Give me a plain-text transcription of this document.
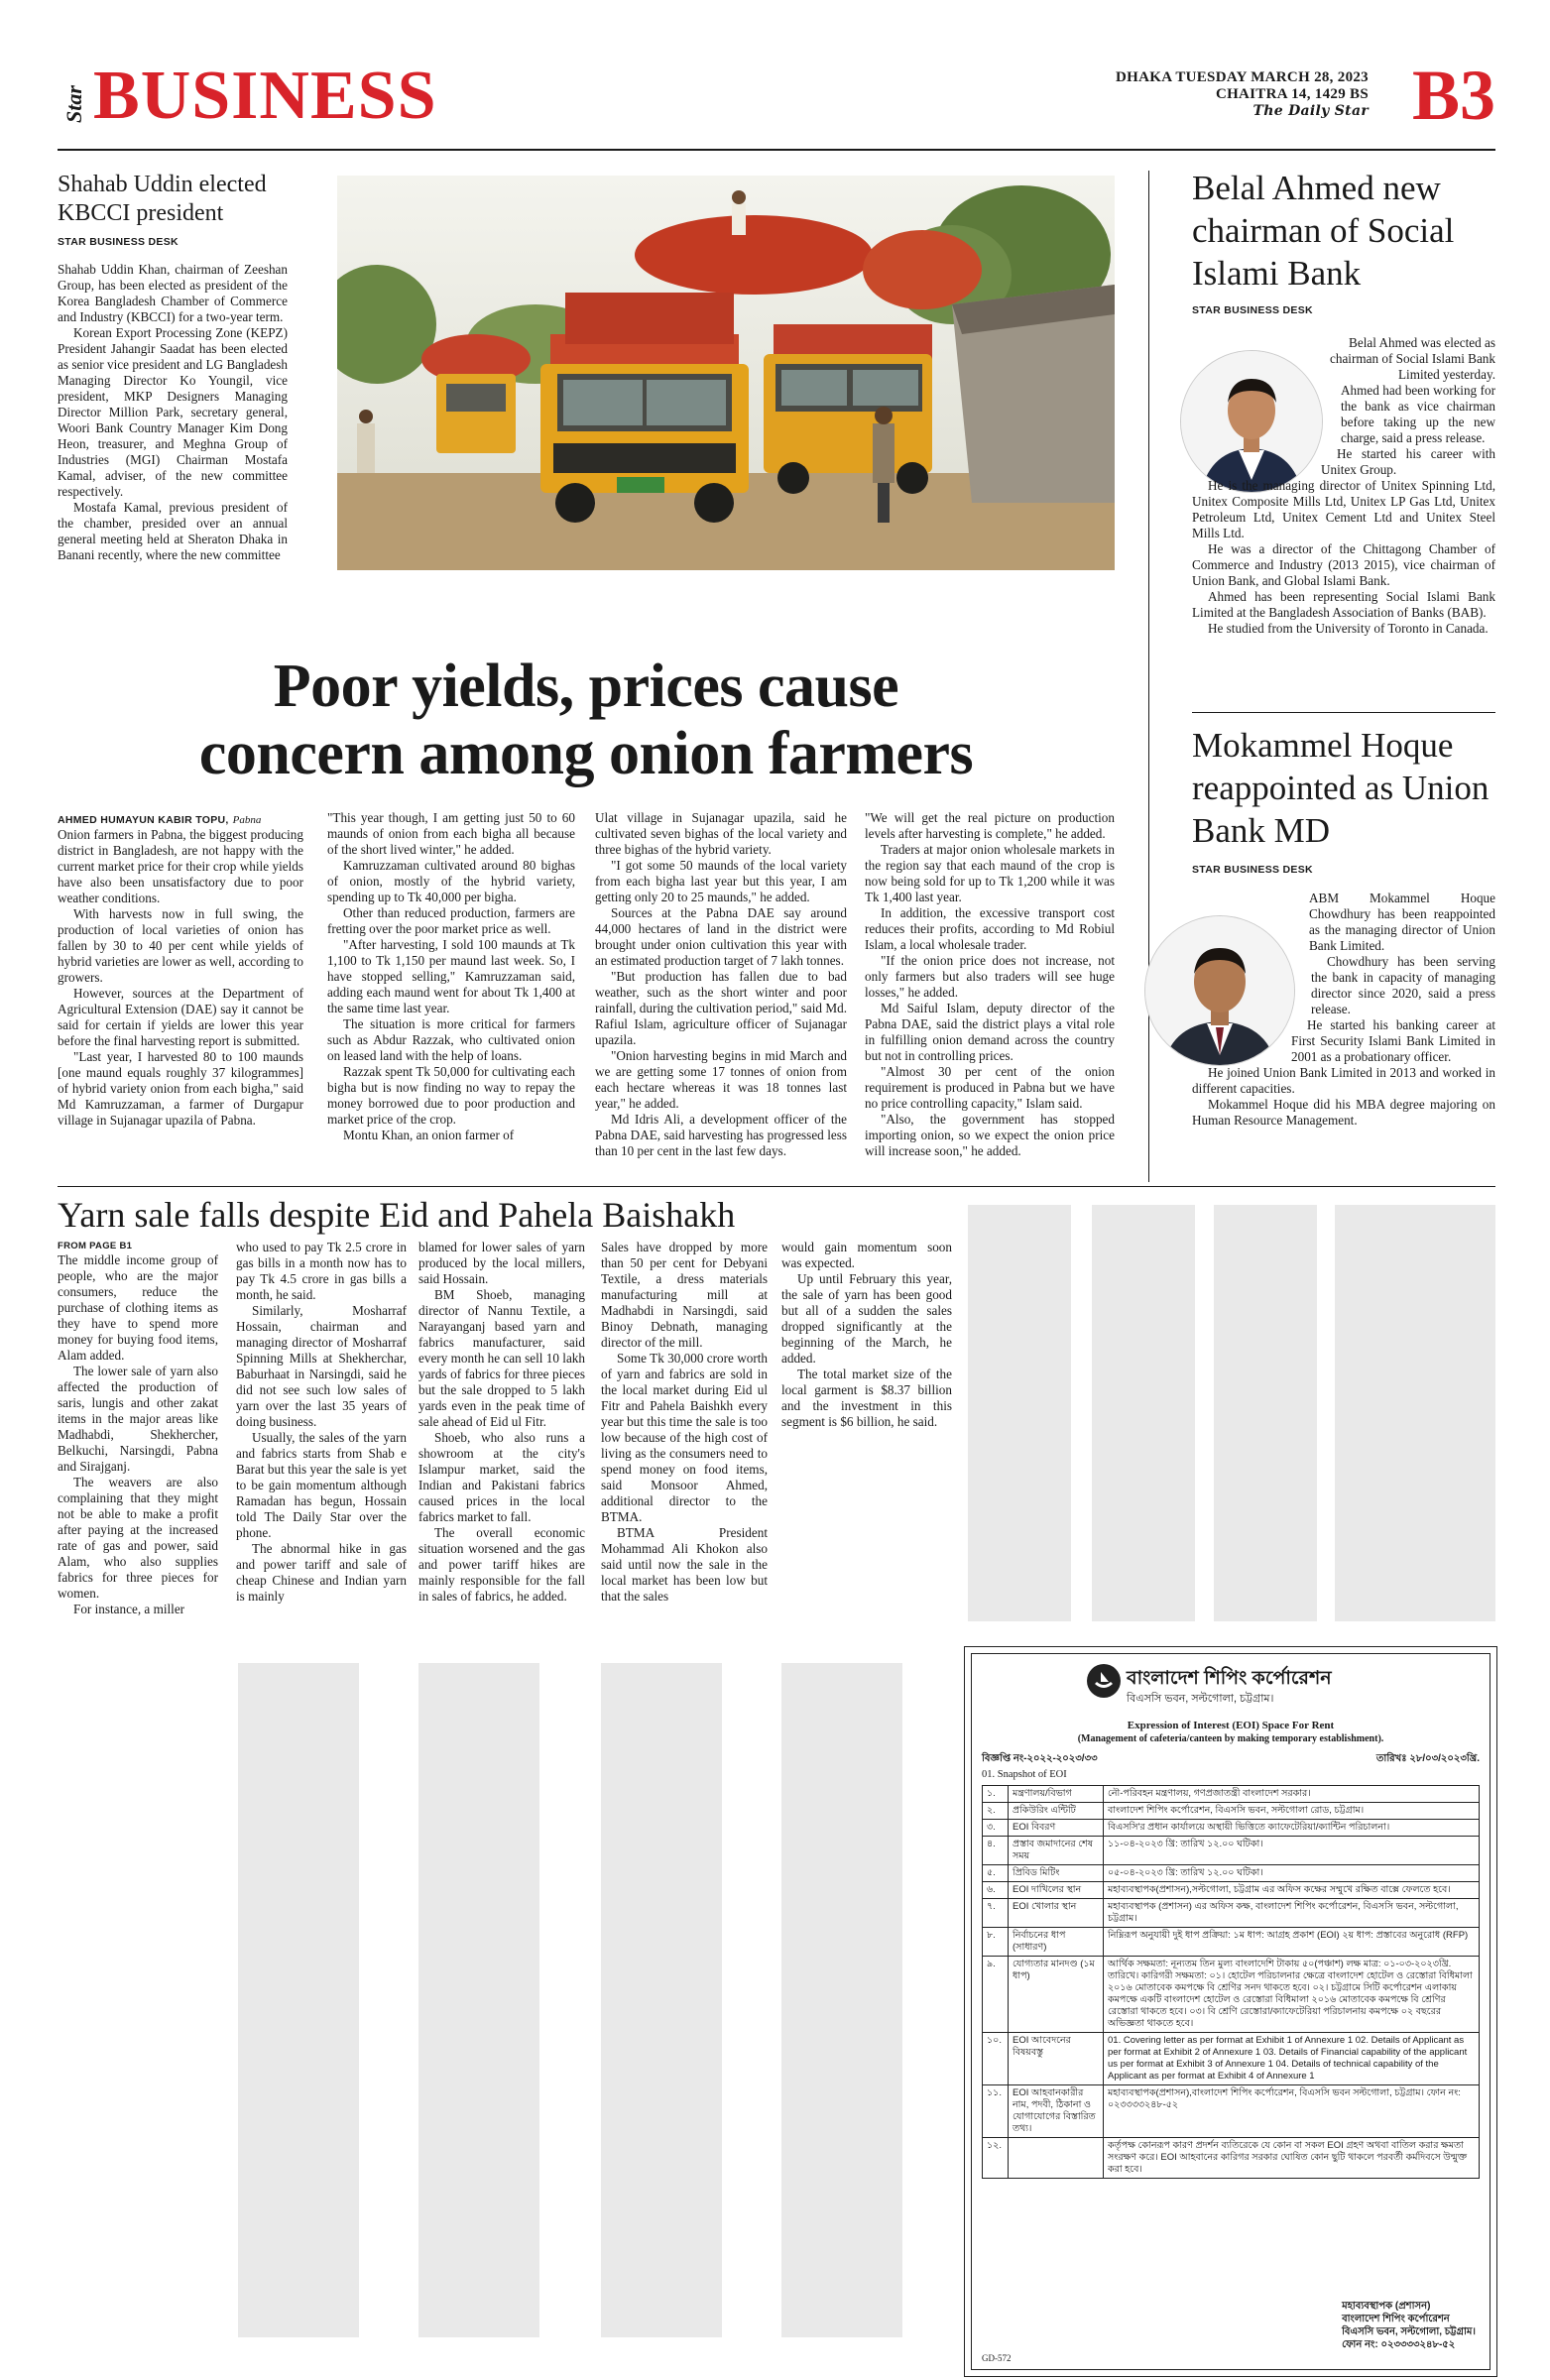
Star BUSINESS	DHAKA TUESDAY MARCH 28, 2023
CHAITRA 14, 1429 BS
The Daily Star B3
Shahab Uddin elected KBCCI president
STAR BUSINESS DESK

Shahab Uddin Khan, chairman of Zeeshan Group, has been elected as president of the Korea Bangladesh Chamber of Commerce and Industry (KBCCI) for a two-year term.

Korean Export Processing Zone (KEPZ) President Jahangir Saadat has been elected as senior vice president and LG Bangladesh Managing Director Ko Youngil, vice president, MKP Designers Managing Director Million Park, secretary general, Woori Bank Country Manager Kim Dong Heon, treasurer, and Meghna Group of Industries (MGI) Chairman Mostafa Kamal, adviser, of the new committee respectively.

Mostafa Kamal, previous president of the chamber, presided over an annual general meeting held at Sheraton Dhaka in Banani recently, where the new committee

Poor yields, prices cause
concern among onion farmers
AHMED HUMAYUN KABIR TOPU, Pabna

Onion farmers in Pabna, the biggest producing district in Bangladesh, are not happy with the current market price for their crop while yields have also been unsatisfactory due to poor weather conditions.

With harvests now in full swing, the production of local varieties of onion has fallen by 30 to 40 per cent while yields of hybrid varieties are lower as well, according to growers.

However, sources at the Department of Agricultural Extension (DAE) say it cannot be said for certain if yields are lower this year before the final harvesting report is submitted.

"Last year, I harvested 80 to 100 maunds [one maund equals roughly 37 kilogrammes] of hybrid variety onion from each bigha," said Md Kamruzzaman, a farmer of Durgapur village in Sujanagar upazila of Pabna.

"This year though, I am getting just 50 to 60 maunds of onion from each bigha all because of the short lived winter," he added.

Kamruzzaman cultivated around 80 bighas of onion, mostly of the hybrid variety, spending up to Tk 40,000 per bigha.

Other than reduced production, farmers are fretting over the poor market price as well.

"After harvesting, I sold 100 maunds at Tk 1,100 to Tk 1,150 per maund last week. So, I have stopped selling," Kamruzzaman said, adding each maund went for about Tk 1,400 at the same time last year.

The situation is more critical for farmers such as Abdur Razzak, who cultivated onion on leased land with the help of loans.

Razzak spent Tk 50,000 for cultivating each bigha but is now finding no way to repay the money borrowed due to poor production and market price of the crop.

Montu Khan, an onion farmer of

Ulat village in Sujanagar upazila, said he cultivated seven bighas of the local variety and three bighas of the hybrid variety.

"I got some 50 maunds of the local variety from each bigha last year but this year, I am getting only 20 to 25 maunds," he added.

Sources at the Pabna DAE say around 44,000 hectares of land in the district were brought under onion cultivation this year with an estimated production target of 7 lakh tonnes.

"But production has fallen due to bad weather, such as the short winter and poor rainfall, during the cultivation period," said Md. Rafiul Islam, agriculture officer of Sujanagar upazila.

"Onion harvesting begins in mid March and we are getting some 17 tonnes of onion from each hectare whereas it was 18 tonnes last year," he added.

Md Idris Ali, a development officer of the Pabna DAE, said harvesting has progressed less than 10 per cent in the last few days.

"We will get the real picture on production levels after harvesting is complete," he added.

Traders at major onion wholesale markets in the region say that each maund of the crop is now being sold for up to Tk 1,200 while it was Tk 1,400 last year.

In addition, the excessive transport cost reduces their profits, according to Md Robiul Islam, a local wholesale trader.

"If the onion price does not increase, not only farmers but also traders will see huge losses," he added.

Md Saiful Islam, deputy director of the Pabna DAE, said the district plays a vital role in fulfilling onion demand across the country but not in controlling prices.

"Almost 30 per cent of the onion requirement is produced in Pabna but we have no price controlling capacity," Islam said.

"Also, the government has stopped importing onion, so we expect the onion price will increase soon," he added.

Belal Ahmed new chairman of Social Islami Bank
STAR BUSINESS DESK

Belal Ahmed was elected as chairman of Social Islami Bank Limited yesterday.

Ahmed had been working for the bank as vice chairman before taking up the new charge, said a press release.

He started his career with Unitex Group.

He is the managing director of Unitex Spinning Ltd, Unitex Composite Mills Ltd, Unitex LP Gas Ltd, Unitex Petroleum Ltd, Unitex Cement Ltd and Unitex Steel Mills Ltd.

He was a director of the Chittagong Chamber of Commerce and Industry (2013 2015), vice chairman of Union Bank, and Global Islami Bank.

Ahmed has been representing Social Islami Bank Limited at the Bangladesh Association of Banks (BAB).

He studied from the University of Toronto in Canada.

Mokammel Hoque reappointed as Union Bank MD
STAR BUSINESS DESK

ABM Mokammel Hoque Chowdhury has been reappointed as the managing director of Union Bank Limited.

Chowdhury has been serving the bank in capacity of managing director since 2020, said a press release.

He started his banking career at First Security Islami Bank Limited in 2001 as a probationary officer.

He joined Union Bank Limited in 2013 and worked in different capacities.

Mokammel Hoque did his MBA degree majoring on Human Resource Management.

Yarn sale falls despite Eid and Pahela Baishakh
FROM PAGE B1

The middle income group of people, who are the major consumers, reduce the purchase of clothing items as they have to spend more money for buying food items, Alam added.

The lower sale of yarn also affected the production of saris, lungis and other zakat items in the major areas like Madhabdi, Shekhercher, Belkuchi, Narsingdi, Pabna and Sirajganj.

The weavers are also complaining that they might not be able to make a profit after paying at the increased rate of gas and power, said Alam, who also supplies fabrics for three pieces for women.

For instance, a miller

who used to pay Tk 2.5 crore in gas bills in a month now has to pay Tk 4.5 crore in gas bills a month, he said.

Similarly, Mosharraf Hossain, chairman and managing director of Mosharraf Spinning Mills at Shekherchar, Baburhaat in Narsingdi, said he did not see such low sales of yarn over the last 35 years of doing business.

Usually, the sales of the yarn and fabrics starts from Shab e Barat but this year the sale is yet to be gain momentum although Ramadan has begun, Hossain told The Daily Star over the phone.

The abnormal hike in gas and power tariff and sale of cheap Chinese and Indian yarn is mainly

blamed for lower sales of yarn produced by the local millers, said Hossain.

BM Shoeb, managing director of Nannu Textile, a Narayanganj based yarn and fabrics manufacturer, said every month he can sell 10 lakh yards of fabrics for three pieces but the sale dropped to 5 lakh yards even in the peak time of sale ahead of Eid ul Fitr.

Shoeb, who also runs a showroom at the city's Islampur market, said the Indian and Pakistani fabrics caused prices in the local fabrics market to fall.

The overall economic situation worsened and the gas and power tariff hikes are mainly responsible for the fall in sales of fabrics, he added.

Sales have dropped by more than 50 per cent for Debyani Textile, a dress materials manufacturing mill at Madhabdi in Narsingdi, said Binoy Debnath, managing director of the mill.

Some Tk 30,000 crore worth of yarn and fabrics are sold in the local market during Eid ul Fitr and Pahela Baishkh every year but this time the sale is too low because of the high cost of living as the consumers need to spend money on food items, said Monsoor Ahmed, additional director to the BTMA.

BTMA President Mohammad Ali Khokon also said until now the sale in the local market has been low but that the sales

would gain momentum soon was expected.

Up until February this year, the sale of yarn has been good but all of a sudden the sales dropped significantly at the beginning of the March, he added.

The total market size of the local garment is $8.37 billion and the investment in this segment is $6 billion, he said.

বাংলাদেশ শিপিং কর্পোরেশন
বিএসসি ভবন, সল্টগোলা, চট্টগ্রাম।
Expression of Interest (EOI) Space For Rent
(Management of cafeteria/canteen by making temporary establishment).
বিজ্ঞপ্তি নং-২০২২-২০২৩/৩৩	তারিখঃ ২৮/০৩/২০২৩খ্রি.
01. Snapshot of EOI
১.	মন্ত্রণালয়/বিভাগ	নৌ-পরিবহন মন্ত্রণালয়, গণপ্রজাতন্ত্রী বাংলাদেশ সরকার।
২.	প্রকিউরিং এন্টিটি	বাংলাদেশ শিপিং কর্পোরেশন, বিএসসি ভবন, সল্টগোলা রোড, চট্টগ্রাম।
৩.	EOI বিবরণ	বিএসসি'র প্রধান কার্যালয়ে অস্থায়ী ভিত্তিতে ক্যাফেটেরিয়া/ক্যান্টিন পরিচালনা।
৪.	প্রস্তাব জমাদানের শেষ সময়	১১-০৪-২০২৩ খ্রি: তারিখ ১২.০০ ঘটিকা।
৫.	প্রিবিড মিটিং	০৫-০৪-২০২৩ খ্রি: তারিখ ১২.০০ ঘটিকা।
৬.	EOI দাখিলের স্থান	মহাব্যবস্থাপক(প্রশাসন),সল্টগোলা, চট্টগ্রাম এর অফিস কক্ষের সম্মুখে রক্ষিত বাক্সে ফেলতে হবে।
৭.	EOI খোলার স্থান	মহাব্যবস্থাপক (প্রশাসন) এর অফিস কক্ষ, বাংলাদেশ শিপিং কর্পোরেশন, বিএসসি ভবন, সল্টগোলা, চট্টগ্রাম।
৮.	নির্বাচনের ধাপ (সাধারণ)	নিম্নিরূপ অনুযায়ী দুই ধাপ প্রক্রিয়া: ১ম ধাপ: আগ্রহ প্রকাশ (EOI) ২য় ধাপ: প্রস্তাবের অনুরোধ (RFP)
৯.	যোগ্যতার মানদণ্ড (১ম ধাপ)	আর্থিক সক্ষমতা: নূন্যতম তিন মুল্য বাংলাদেশি টাকায় ৫০(পঞ্চাশ) লক্ষ মাত্র: ০১-০৩-২০২৩খ্রি. তারিখে। কারিগরী সক্ষমতা: ০১। হোটেল পরিচালনার ক্ষেত্রে বাংলাদেশ হোটেল ও রেস্তোরা বিধিমালা ২০১৬ মোতাবেক কমপক্ষে বি শ্রেণির সনদ থাকতে হবে। ০২। চট্টগ্রামে সিটি কর্পোরেশন এলাকায় কমপক্ষে একটি বাংলাদেশ হোটেল ও রেস্তোরা বিধিমালা ২০১৬ মোতাবেক কমপক্ষে বি শ্রেণির রেস্তোরা থাকতে হবে। ০৩। বি শ্রেণি রেস্তোরা/ক্যাফেটেরিয়া পরিচালনায় কমপক্ষে ০২ বছরের অভিজ্ঞতা থাকতে হবে।
১০.	EOI আবেদনের বিষয়বস্তু	01. Covering letter as per format at Exhibit 1 of Annexure 1 02. Details of Applicant as per format at Exhibit 2 of Annexure 1 03. Details of Financial capability of the applicant us per format at Exhibit 3 of Annexure 1 04. Details of technical capability of the Applicant as per format at Exhibit 4 of Annexure 1
১১.	EOI আহবানকারীর নাম, পদবী, ঠিকানা ও যোগাযোগের বিস্তারিত তথ্য।	মহাব্যবস্থাপক(প্রশাসন),বাংলাদেশ শিপিং কর্পোরেশন, বিএসসি ভবন সল্টগোলা, চট্টগ্রাম। ফোন নং: ০২৩৩৩৩২৪৮-৫২
১২.		কর্তৃপক্ষ কোনরূপ কারণ প্রদর্শন ব্যতিরেকে যে কোন বা সকল EOI গ্রহণ অথবা বাতিল করার ক্ষমতা সংরক্ষণ করে। EOI আহবানের কারিগর সরকার ঘোষিত কোন ছুটি থাকলে পরবর্তী কর্মদিবসে উন্মুক্ত করা হবে।
মহাব্যবস্থাপক (প্রশাসন)
বাংলাদেশ শিপিং কর্পোরেশন
বিএসসি ভবন, সল্টগোলা, চট্টগ্রাম।
ফোন নং: ০২৩৩৩৩২৪৮-৫২
GD-572
